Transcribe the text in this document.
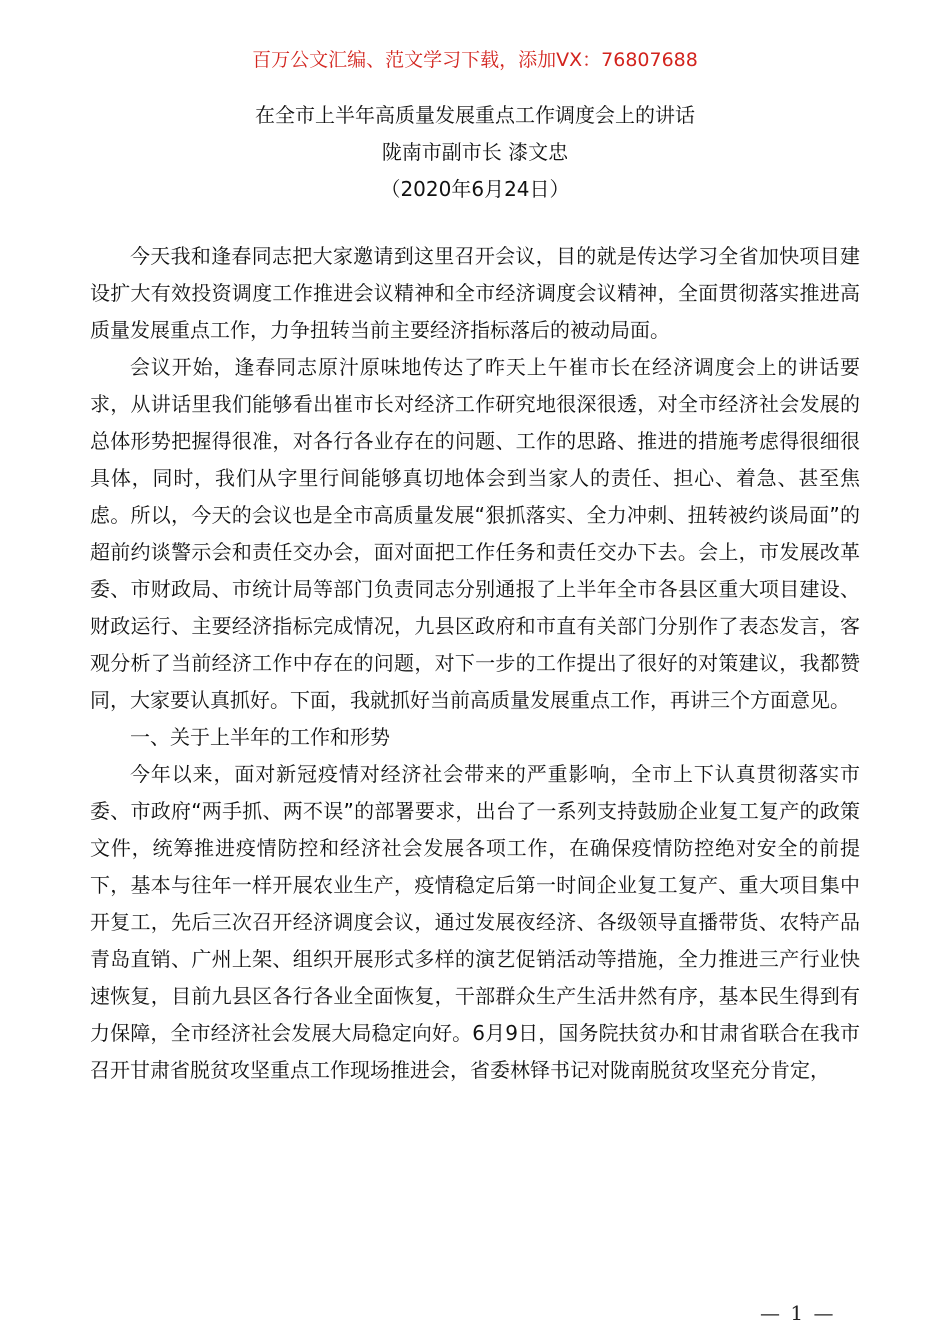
百万公文汇编、范文学习下载，添加VX：76807688
在全市上半年高质量发展重点工作调度会上的讲话
陇南市副市长 漆文忠
（2020年6月24日）

今天我和逢春同志把大家邀请到这里召开会议，目的就是传达学习全省加快项目建设扩大有效投资调度工作推进会议精神和全市经济调度会议精神，全面贯彻落实推进高质量发展重点工作，力争扭转当前主要经济指标落后的被动局面。

会议开始，逢春同志原汁原味地传达了昨天上午崔市长在经济调度会上的讲话要求，从讲话里我们能够看出崔市长对经济工作研究地很深很透，对全市经济社会发展的总体形势把握得很准，对各行各业存在的问题、工作的思路、推进的措施考虑得很细很具体，同时，我们从字里行间能够真切地体会到当家人的责任、担心、着急、甚至焦虑。所以，今天的会议也是全市高质量发展“狠抓落实、全力冲刺、扭转被约谈局面”的超前约谈警示会和责任交办会，面对面把工作任务和责任交办下去。会上，市发展改革委、市财政局、市统计局等部门负责同志分别通报了上半年全市各县区重大项目建设、财政运行、主要经济指标完成情况，九县区政府和市直有关部门分别作了表态发言，客观分析了当前经济工作中存在的问题，对下一步的工作提出了很好的对策建议，我都赞同，大家要认真抓好。下面，我就抓好当前高质量发展重点工作，再讲三个方面意见。

一、关于上半年的工作和形势

今年以来，面对新冠疫情对经济社会带来的严重影响，全市上下认真贯彻落实市委、市政府“两手抓、两不误”的部署要求，出台了一系列支持鼓励企业复工复产的政策文件，统筹推进疫情防控和经济社会发展各项工作，在确保疫情防控绝对安全的前提下，基本与往年一样开展农业生产，疫情稳定后第一时间企业复工复产、重大项目集中开复工，先后三次召开经济调度会议，通过发展夜经济、各级领导直播带货、农特产品青岛直销、广州上架、组织开展形式多样的演艺促销活动等措施，全力推进三产行业快速恢复，目前九县区各行各业全面恢复，干部群众生产生活井然有序，基本民生得到有力保障，全市经济社会发展大局稳定向好。6月9日，国务院扶贫办和甘肃省联合在我市召开甘肃省脱贫攻坚重点工作现场推进会，省委林铎书记对陇南脱贫攻坚充分肯定，

— 1 —
